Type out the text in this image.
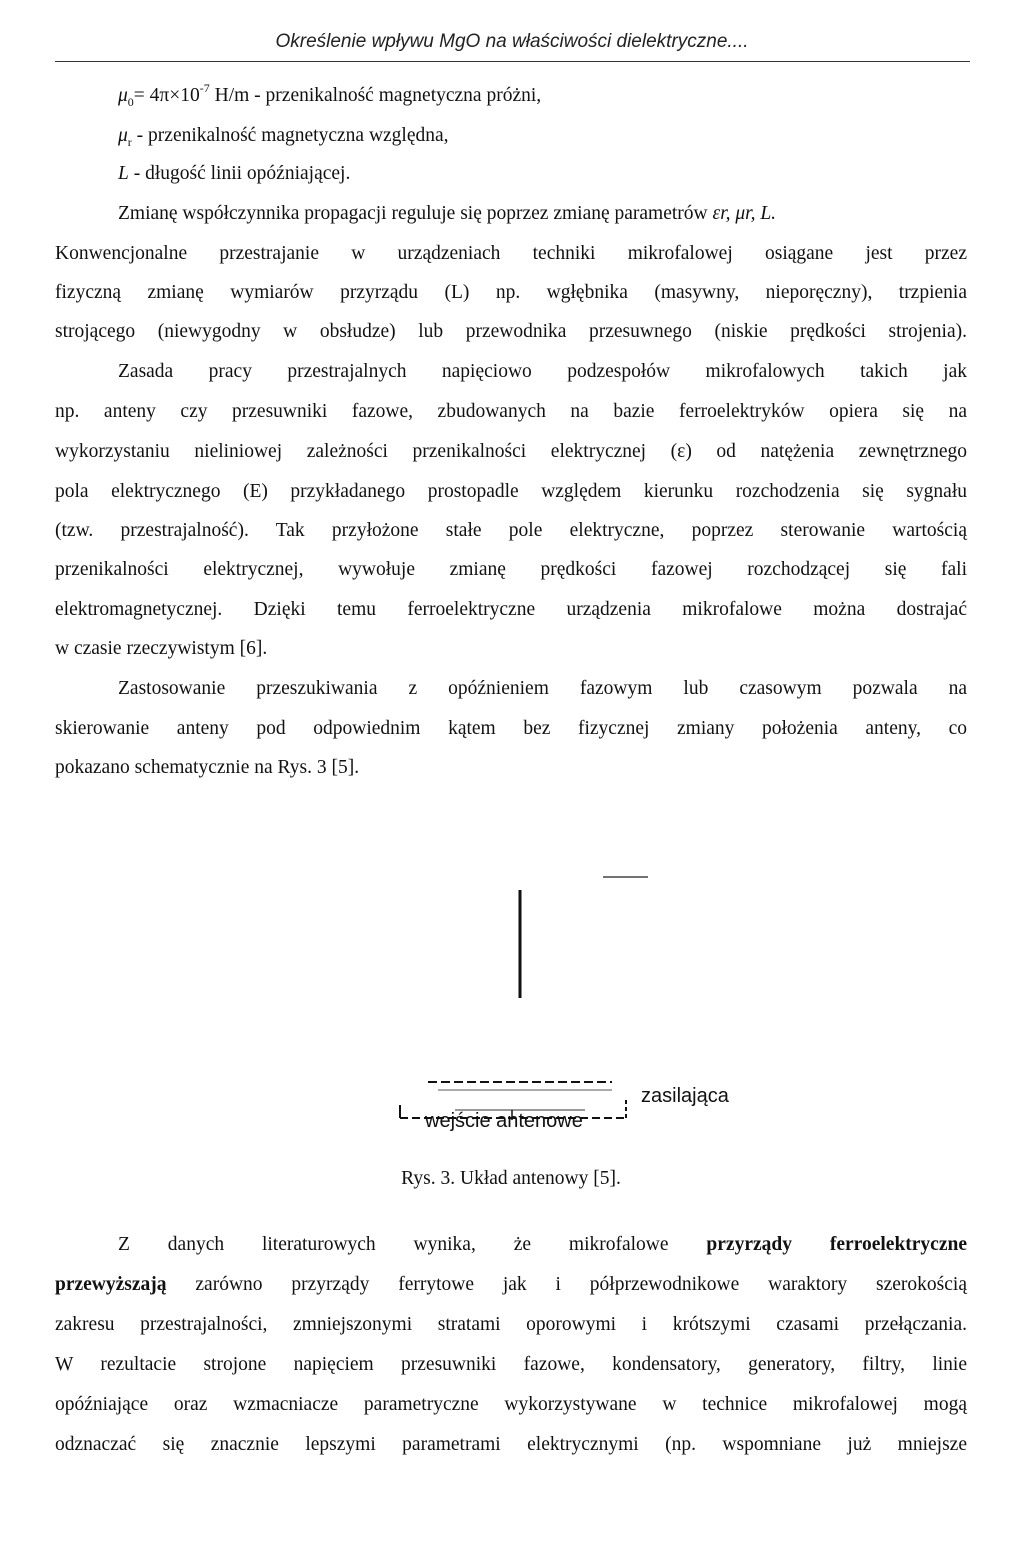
Określenie wpływu MgO na właściwości dielektryczne....
$\mu_0= 4\pi\times 10^{-7}$ H/m - przenikalność magnetyczna próżni,
$\mu_r$ - przenikalność magnetyczna względna,
L - długość linii opóźniającej.
Zmianę współczynnika propagacji reguluje się poprzez zmianę parametrów εr, μr, L.
Konwencjonalne przestrajanie w urządzeniach techniki mikrofalowej osiągane jest przez
fizyczną zmianę wymiarów przyrządu (L) np. wgłębnika (masywny, nieporęczny), trzpienia
strojącego (niewygodny w obsłudze) lub przewodnika przesuwnego (niskie prędkości strojenia).
Zasada pracy przestrajalnych napięciowo podzespołów mikrofalowych takich jak
np. anteny czy przesuwniki fazowe, zbudowanych na bazie ferroelektryków opiera się na
wykorzystaniu nieliniowej zależności przenikalności elektrycznej (ε) od natężenia zewnętrznego
pola elektrycznego (E) przykładanego prostopadle względem kierunku rozchodzenia się sygnału
(tzw. przestrajalność). Tak przyłożone stałe pole elektryczne, poprzez sterowanie wartością
przenikalności elektrycznej, wywołuje zmianę prędkości fazowej rozchodzącej się fali
elektromagnetycznej. Dzięki temu ferroelektryczne urządzenia mikrofalowe można dostrajać
w czasie rzeczywistym [6].
Zastosowanie przeszukiwania z opóźnieniem fazowym lub czasowym pozwala na
skierowanie anteny pod odpowiednim kątem bez fizycznej zmiany położenia anteny, co
pokazano schematycznie na Rys. 3 [5].
zasilająca
wejście antenowe
Rys. 3. Układ antenowy [5].
Z danych literaturowych wynika, że mikrofalowe przyrządy ferroelektryczne
przewyższają zarówno przyrządy ferrytowe jak i półprzewodnikowe waraktory szerokością
zakresu przestrajalności, zmniejszonymi stratami oporowymi i krótszymi czasami przełączania.
W rezultacie strojone napięciem przesuwniki fazowe, kondensatory, generatory, filtry, linie
opóźniające oraz wzmacniacze parametryczne wykorzystywane w technice mikrofalowej mogą
odznaczać się znacznie lepszymi parametrami elektrycznymi (np. wspomniane już mniejsze
